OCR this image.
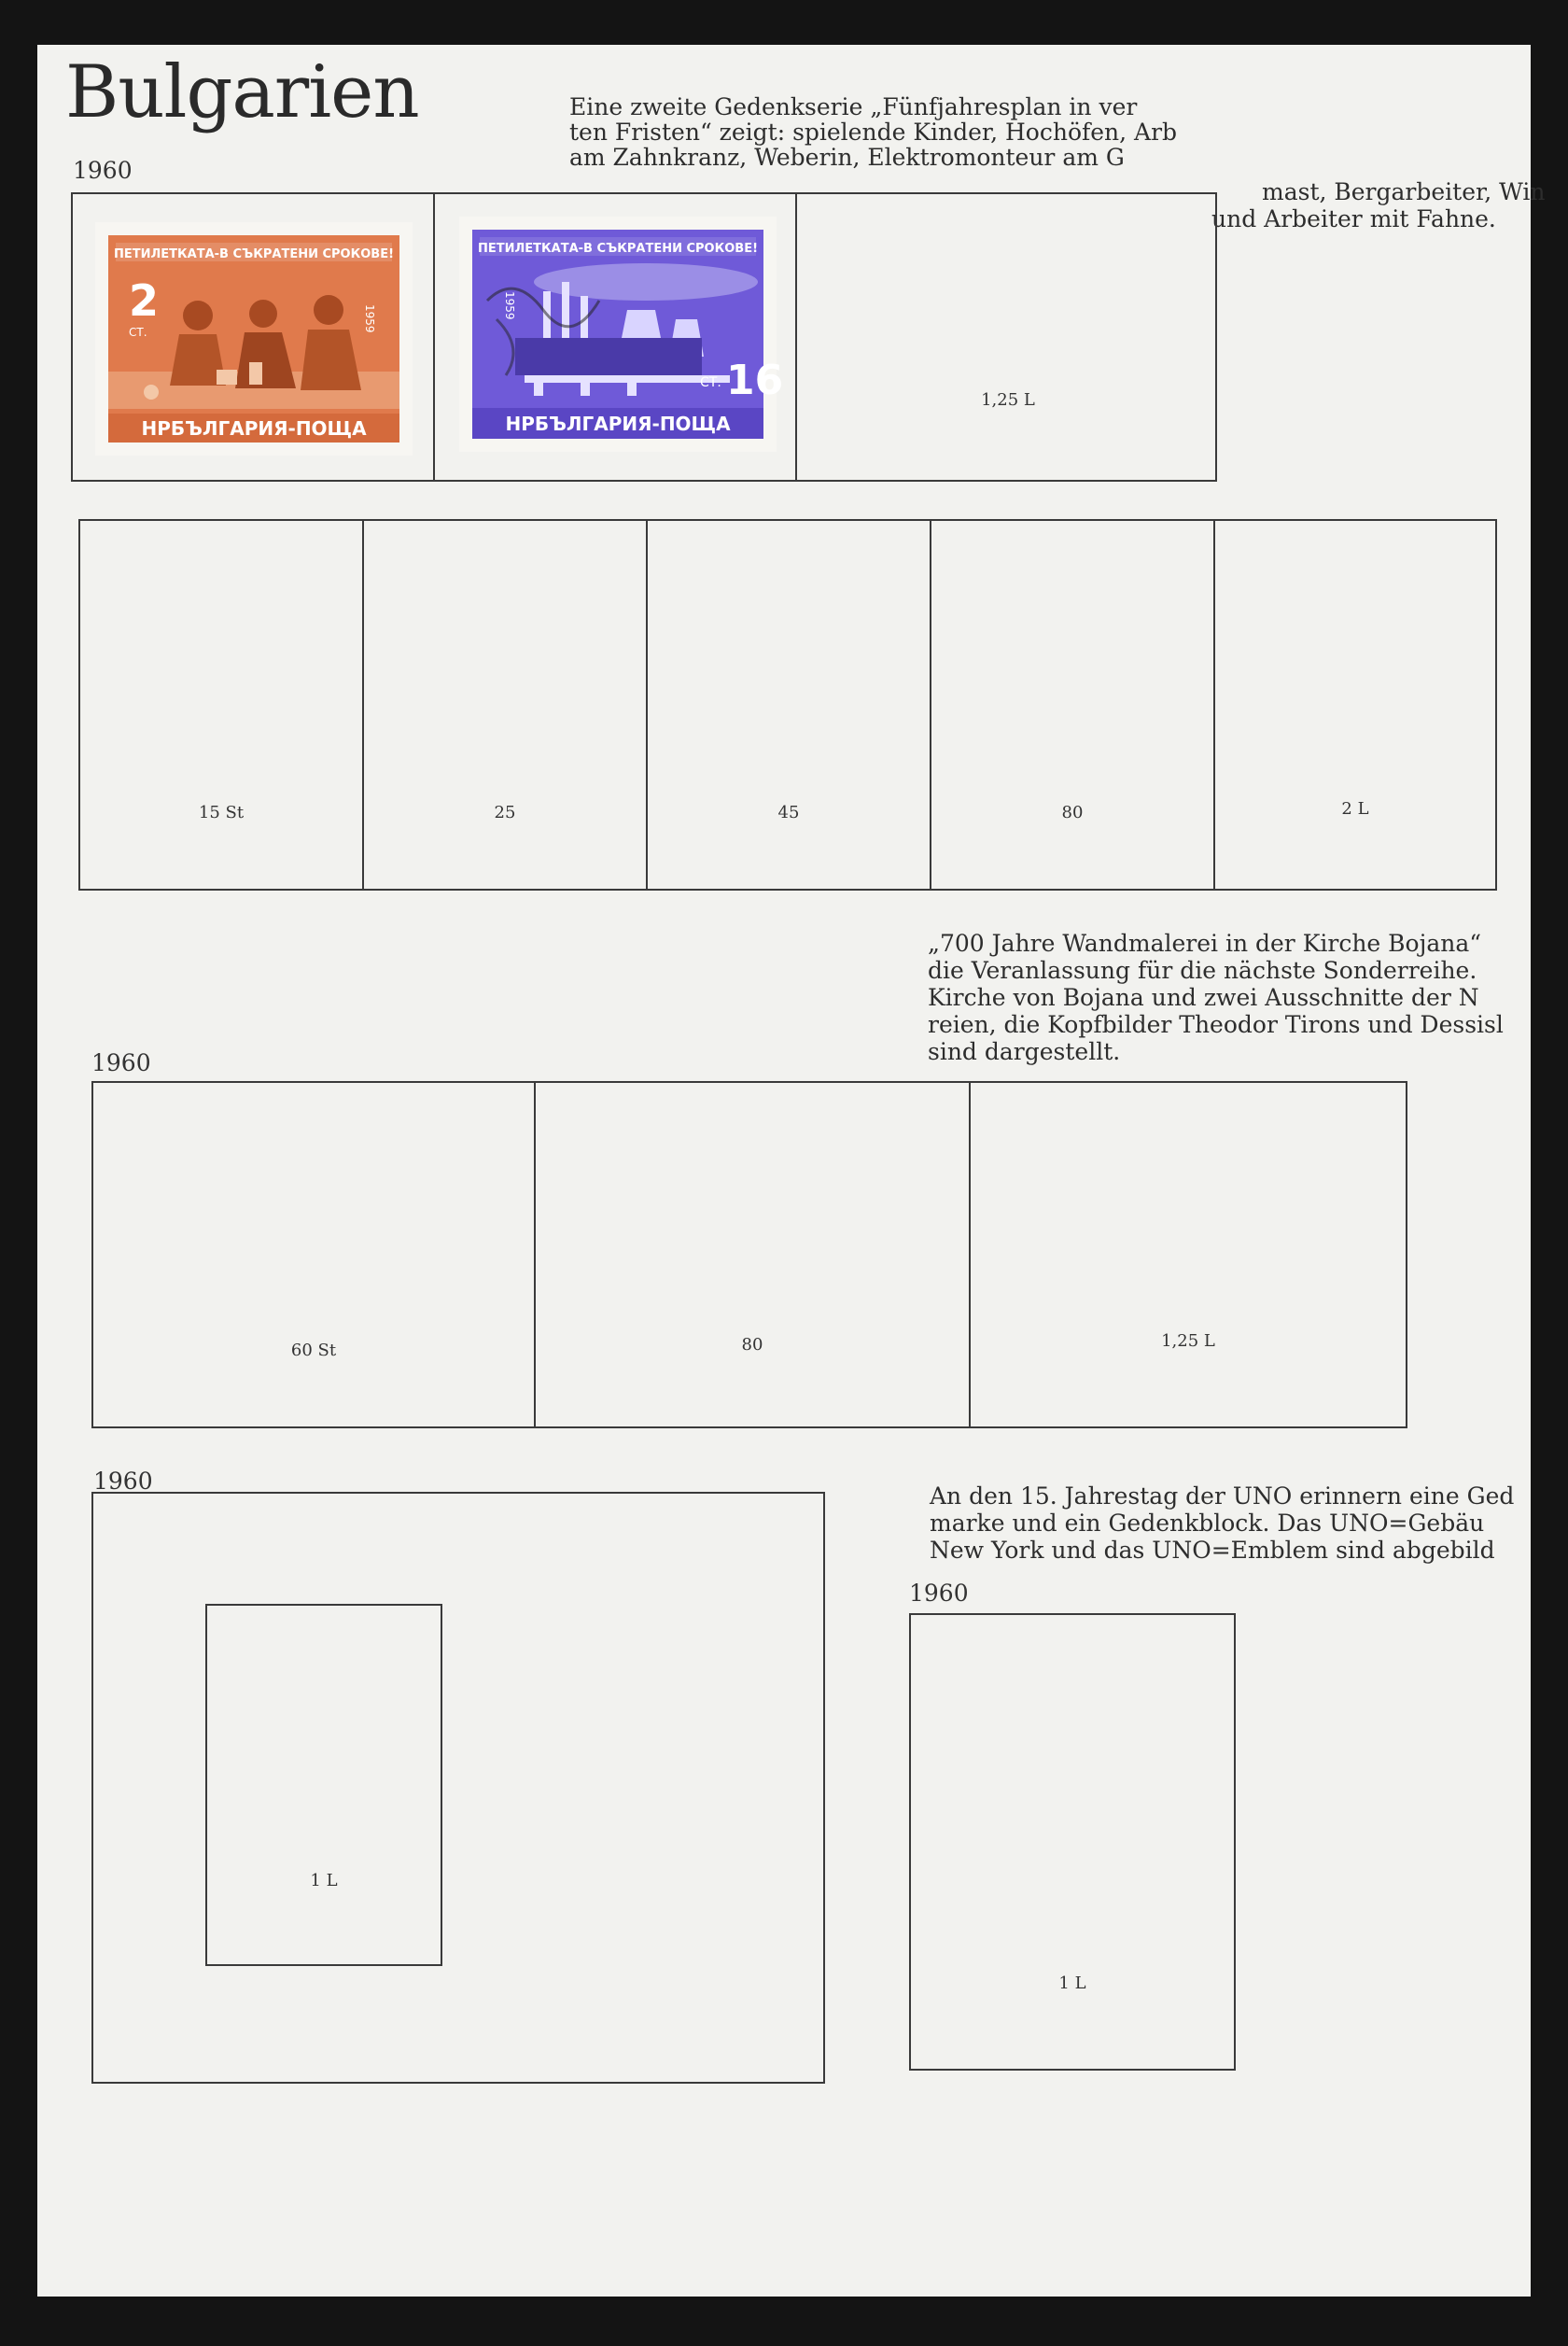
Bulgarien
1960
Eine zweite Gedenkserie „Fünfjahresplan in ver
ten Fristen“ zeigt: spielende Kinder, Hochöfen, Arb
am Zahnkranz, Weberin, Elektromonteur am G
mast, Bergarbeiter, Win
und Arbeiter mit Fahne.
ПЕТИЛЕТКАТА-В СЪКРАТЕНИ СРОКОВЕ!
2
СТ.	1959
НРБЪЛГАРИЯ-ПОЩА
ПЕТИЛЕТКАТА-В СЪКРАТЕНИ СРОКОВЕ!
1959
СТ. 16
НРБЪЛГАРИЯ-ПОЩА
1,25 L
15 St	25	45	80	2 L
„700 Jahre Wandmalerei in der Kirche Bojana“
die Veranlassung für die nächste Sonderreihe.
Kirche von Bojana und zwei Ausschnitte der N
reien, die Kopfbilder Theodor Tirons und Dessisl
sind dargestellt.
1960
60 St	80	1,25 L
1960
An den 15. Jahrestag der UNO erinnern eine Ged
marke und ein Gedenkblock. Das UNO=Gebäu
New York und das UNO=Emblem sind abgebild
1 L
1960
1 L
